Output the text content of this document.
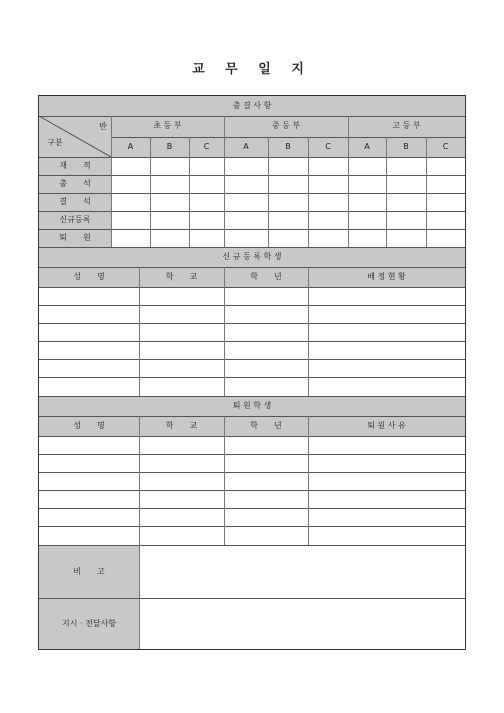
교 무 일 지
출 결 사 항
반
구분
초 등 부	중 등 부	고 등 부
A	B	C	A	B	C	A	B	C
재　　적
출　　석
결　　석
신규등록
퇴　　원
신 규 등 록 학 생
성　　명	학　　교	학　　년	배 정 현 황
퇴 원 학 생
성　　명	학　　교	학　　년	퇴 원 사 유
비　　고
지시 · 전달사항
